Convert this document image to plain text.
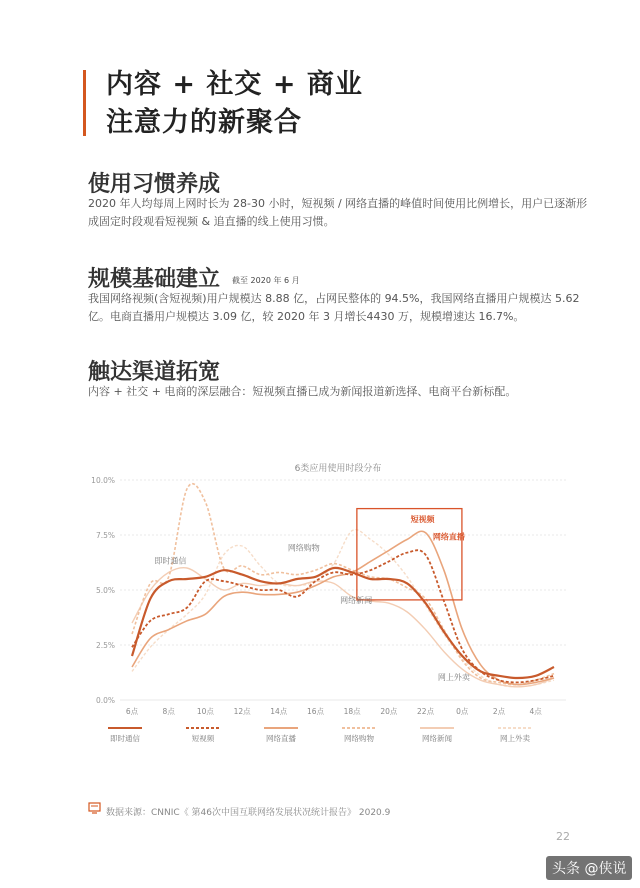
内容 + 社交 + 商业
注意力的新聚合
使用习惯养成
2020 年人均每周上网时长为 28-30 小时，短视频 / 网络直播的峰值时间使用比例增长，用户已逐渐形成固定时段观看短视频 & 追直播的线上使用习惯。
规模基础建立 截至 2020 年 6 月
我国网络视频(含短视频)用户规模达 8.88 亿，占网民整体的 94.5%，我国网络直播用户规模达 5.62 亿。电商直播用户规模达 3.09 亿，较 2020 年 3 月增长4430 万，规模增速达 16.7%。
触达渠道拓宽
内容 + 社交 + 电商的深层融合：短视频直播已成为新闻报道新选择、电商平台新标配。
6类应用使用时段分布
10.0%
7.5%
5.0%
2.5%
0.0%
6点	8点	10点	12点	14点	16点	18点	20点	22点	0点	2点	4点
即时通信
网络购物
网络新闻
网上外卖
短视频
网络直播
即时通信	短视频	网络直播	网络购物	网络新闻	网上外卖
数据来源：CNNIC《 第46次中国互联网络发展状况统计报告》 2020.9
22
头条 @侠说
